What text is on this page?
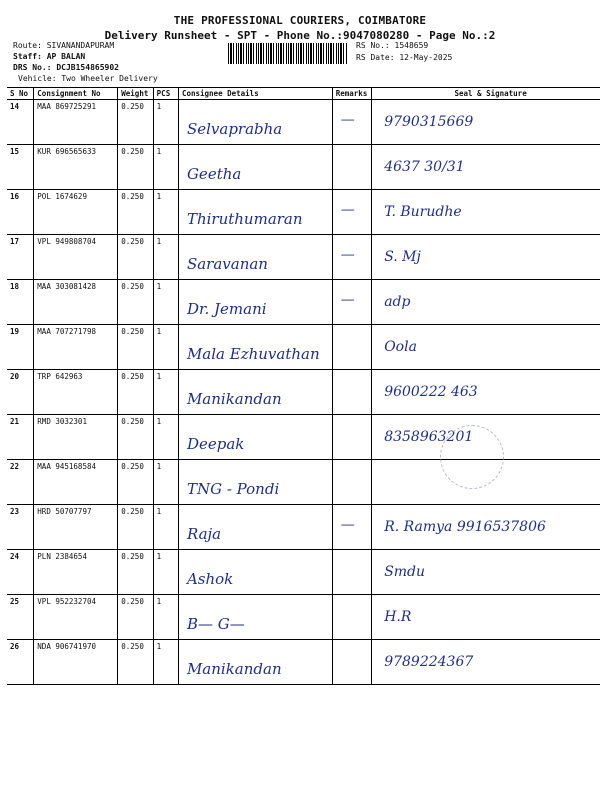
THE PROFESSIONAL COURIERS, COIMBATORE
Delivery Runsheet - SPT - Phone No.:9047080280 - Page No.:2
Route: SIVANANDAPURAM
Staff: AP BALAN
DRS No.: DCJB154865902
Vehicle: Two Wheeler Delivery
RS No.: 1548659
RS Date: 12-May-2025
S No	Consignment No	Weight	PCS	Consignee Details	Remarks	Seal & Signature
14	MAA 869725291	0.250	1	Selvaprabha	—	9790315669

15	KUR 696565633	0.250	1	Geetha		4637 30/31

16	POL 1674629	0.250	1	Thiruthumaran	—	T. Burudhe

17	VPL 949808704	0.250	1	Saravanan	—	S. Mj

18	MAA 303081428	0.250	1	Dr. Jemani	—	adp

19	MAA 707271798	0.250	1	Mala Ezhuvathan		Oola

20	TRP 642963	0.250	1	Manikandan		9600222 463

21	RMD 3032301	0.250	1	Deepak		8358963201

22	MAA 945168584	0.250	1	TNG - Pondi		

23	HRD 50707797	0.250	1	Raja	—	R. Ramya 9916537806

24	PLN 2384654	0.250	1	Ashok		Smdu

25	VPL 952232704	0.250	1	B— G—		H.R

26	NDA 906741970	0.250	1	Manikandan		9789224367
